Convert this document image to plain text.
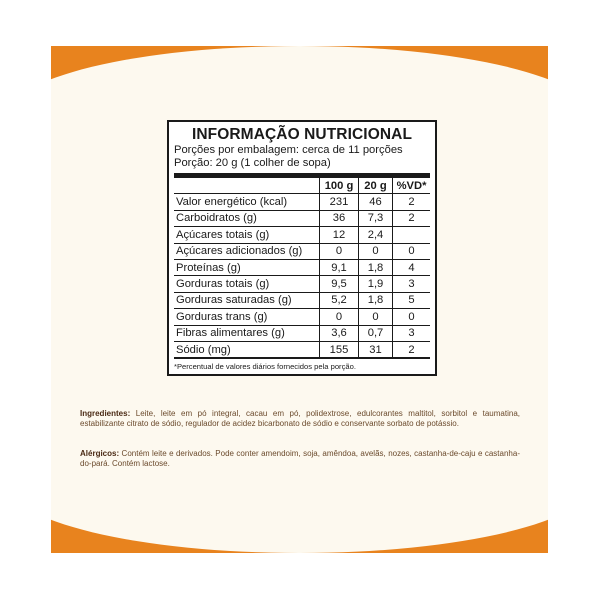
INFORMAÇÃO NUTRICIONAL
Porções por embalagem: cerca de 11 porções
Porção: 20 g (1 colher de sopa)
	100 g	20 g	%VD*
Valor energético (kcal)	231	46	2
Carboidratos (g)	36	7,3	2
Açúcares totais (g)	12	2,4	
Açúcares adicionados (g)	0	0	0
Proteínas (g)	9,1	1,8	4
Gorduras totais (g)	9,5	1,9	3
Gorduras saturadas (g)	5,2	1,8	5
Gorduras trans (g)	0	0	0
Fibras alimentares (g)	3,6	0,7	3
Sódio (mg)	155	31	2
*Percentual de valores diários fornecidos pela porção.
Ingredientes: Leite, leite em pó integral, cacau em pó, polidextrose, edulcorantes maltitol, sorbitol e taumatina, estabilizante citrato de sódio, regulador de acidez bicarbonato de sódio e conservante sorbato de potássio.
Alérgicos: Contém leite e derivados. Pode conter amendoim, soja, amêndoa, avelãs, nozes, castanha-de-caju e castanha-do-pará. Contém lactose.
